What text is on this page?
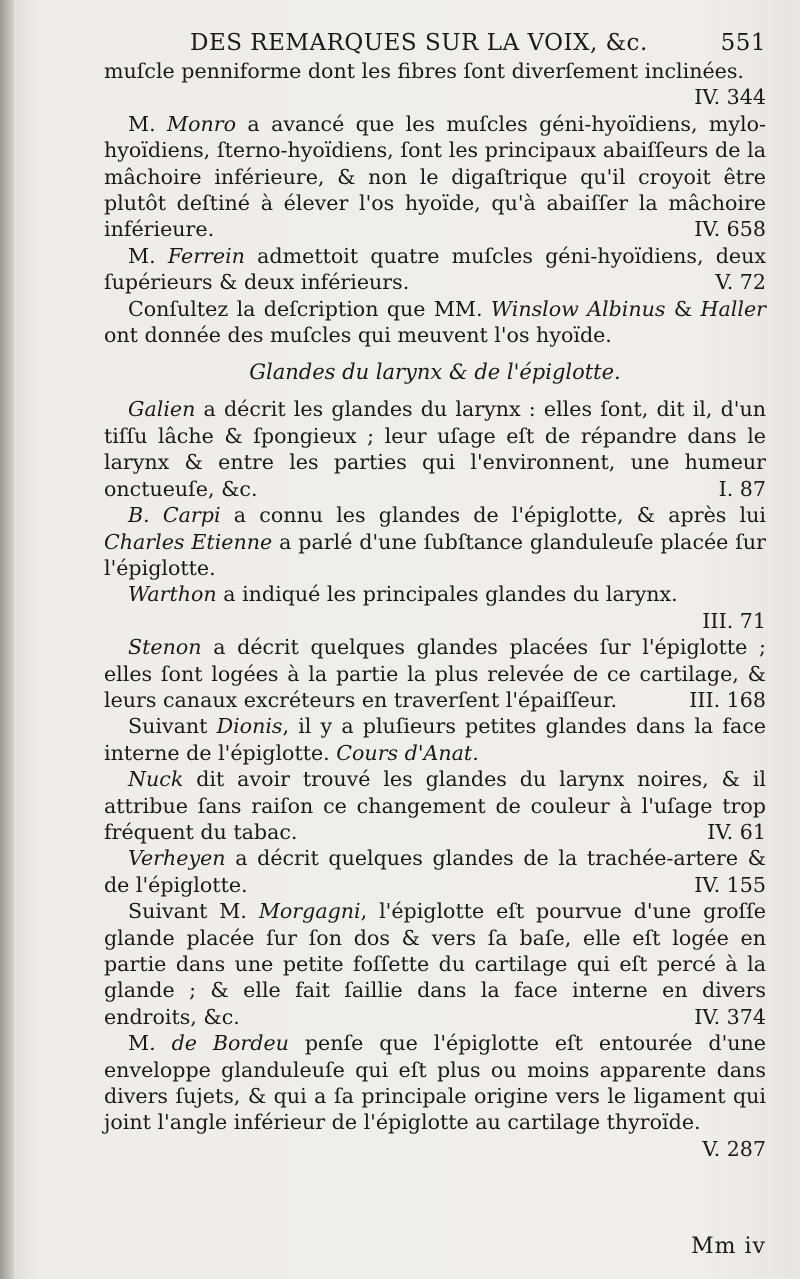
DES REMARQUES SUR LA VOIX, &c.	551

muſcle penniforme dont les fibres ſont diverſement inclinées.

IV. 344

M. Monro a avancé que les muſcles géni-hyoïdiens, mylo-hyoïdiens, ſterno-hyoïdiens, ſont les principaux abaiſſeurs de la mâchoire inférieure, & non le digaſtrique qu'il croyoit être plutôt deſtiné à élever l'os hyoïde, qu'à abaiſſer la mâchoire inférieure.	IV. 658

M. Ferrein admettoit quatre muſcles géni-hyoïdiens, deux ſupérieurs & deux inférieurs.	V. 72

Conſultez la deſcription que MM. Winslow Albinus & Haller ont donnée des muſcles qui meuvent l'os hyoïde.

Glandes du larynx & de l'épiglotte.

Galien a décrit les glandes du larynx : elles ſont, dit il, d'un tiſſu lâche & ſpongieux ; leur uſage eſt de répandre dans le larynx & entre les parties qui l'environnent, une humeur onctueuſe, &c.	I. 87

B. Carpi a connu les glandes de l'épiglotte, & après lui Charles Etienne a parlé d'une ſubſtance glanduleuſe placée ſur l'épiglotte.

Warthon a indiqué les principales glandes du larynx.

III. 71

Stenon a décrit quelques glandes placées ſur l'épiglotte ; elles ſont logées à la partie la plus relevée de ce cartilage, & leurs canaux excréteurs en traverſent l'épaiſſeur.	III. 168

Suivant Dionis, il y a pluſieurs petites glandes dans la face interne de l'épiglotte. Cours d'Anat.

Nuck dit avoir trouvé les glandes du larynx noires, & il attribue ſans raiſon ce changement de couleur à l'uſage trop fréquent du tabac.	IV. 61

Verheyen a décrit quelques glandes de la trachée-artere & de l'épiglotte.	IV. 155

Suivant M. Morgagni, l'épiglotte eſt pourvue d'une groſſe glande placée ſur ſon dos & vers ſa baſe, elle eſt logée en partie dans une petite foſſette du cartilage qui eſt percé à la glande ; & elle fait ſaillie dans la face interne en divers endroits, &c.	IV. 374

M. de Bordeu penſe que l'épiglotte eſt entourée d'une enveloppe glanduleuſe qui eſt plus ou moins apparente dans divers ſujets, & qui a ſa principale origine vers le ligament qui joint l'angle inférieur de l'épiglotte au cartilage thyroïde.

V. 287
Mm iv
